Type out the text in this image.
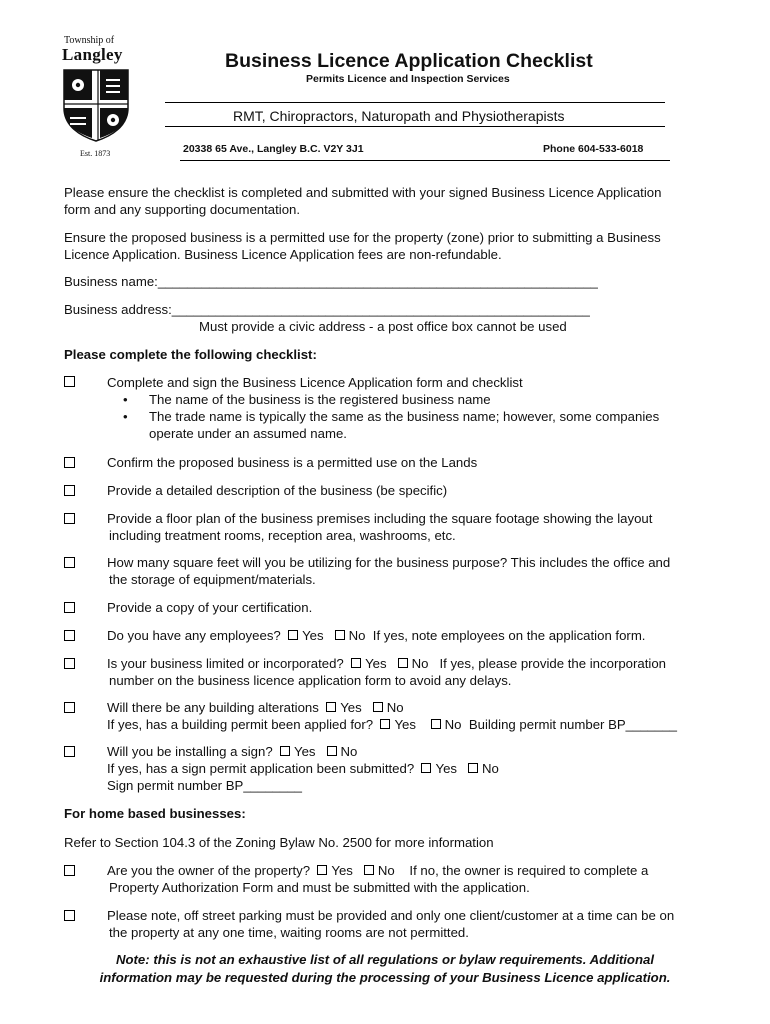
Township of
Langley
Est. 1873
Business Licence Application Checklist
Permits Licence and Inspection Services
RMT, Chiropractors, Naturopath and Physiotherapists
20338 65 Ave., Langley B.C. V2Y 3J1	Phone 604-533-6018
Please ensure the checklist is completed and submitted with your signed Business Licence Application
form and any supporting documentation.
Ensure the proposed business is a permitted use for the property (zone) prior to submitting a Business
Licence Application. Business Licence Application fees are non-refundable.
Business name:____________________________________________________________
Business address:_________________________________________________________
Must provide a civic address - a post office box cannot be used
Please complete the following checklist:
Complete and sign the Business Licence Application form and checklist
• The name of the business is the registered business name
• The trade name is typically the same as the business name; however, some companies
operate under an assumed name.
Confirm the proposed business is a permitted use on the Lands
Provide a detailed description of the business (be specific)
Provide a floor plan of the business premises including the square footage showing the layout
including treatment rooms, reception area, washrooms, etc.
How many square feet will you be utilizing for the business purpose? This includes the office and
the storage of equipment/materials.
Provide a copy of your certification.
Do you have any employees? Yes No If yes, note employees on the application form.
Is your business limited or incorporated? Yes No If yes, please provide the incorporation
number on the business licence application form to avoid any delays.
Will there be any building alterations Yes No
If yes, has a building permit been applied for? Yes No Building permit number BP_______
Will you be installing a sign? Yes No
If yes, has a sign permit application been submitted? Yes No
Sign permit number BP________
For home based businesses:
Refer to Section 104.3 of the Zoning Bylaw No. 2500 for more information
Are you the owner of the property? Yes No If no, the owner is required to complete a
Property Authorization Form and must be submitted with the application.
Please note, off street parking must be provided and only one client/customer at a time can be on
the property at any one time, waiting rooms are not permitted.
Note: this is not an exhaustive list of all regulations or bylaw requirements. Additional
information may be requested during the processing of your Business Licence application.
